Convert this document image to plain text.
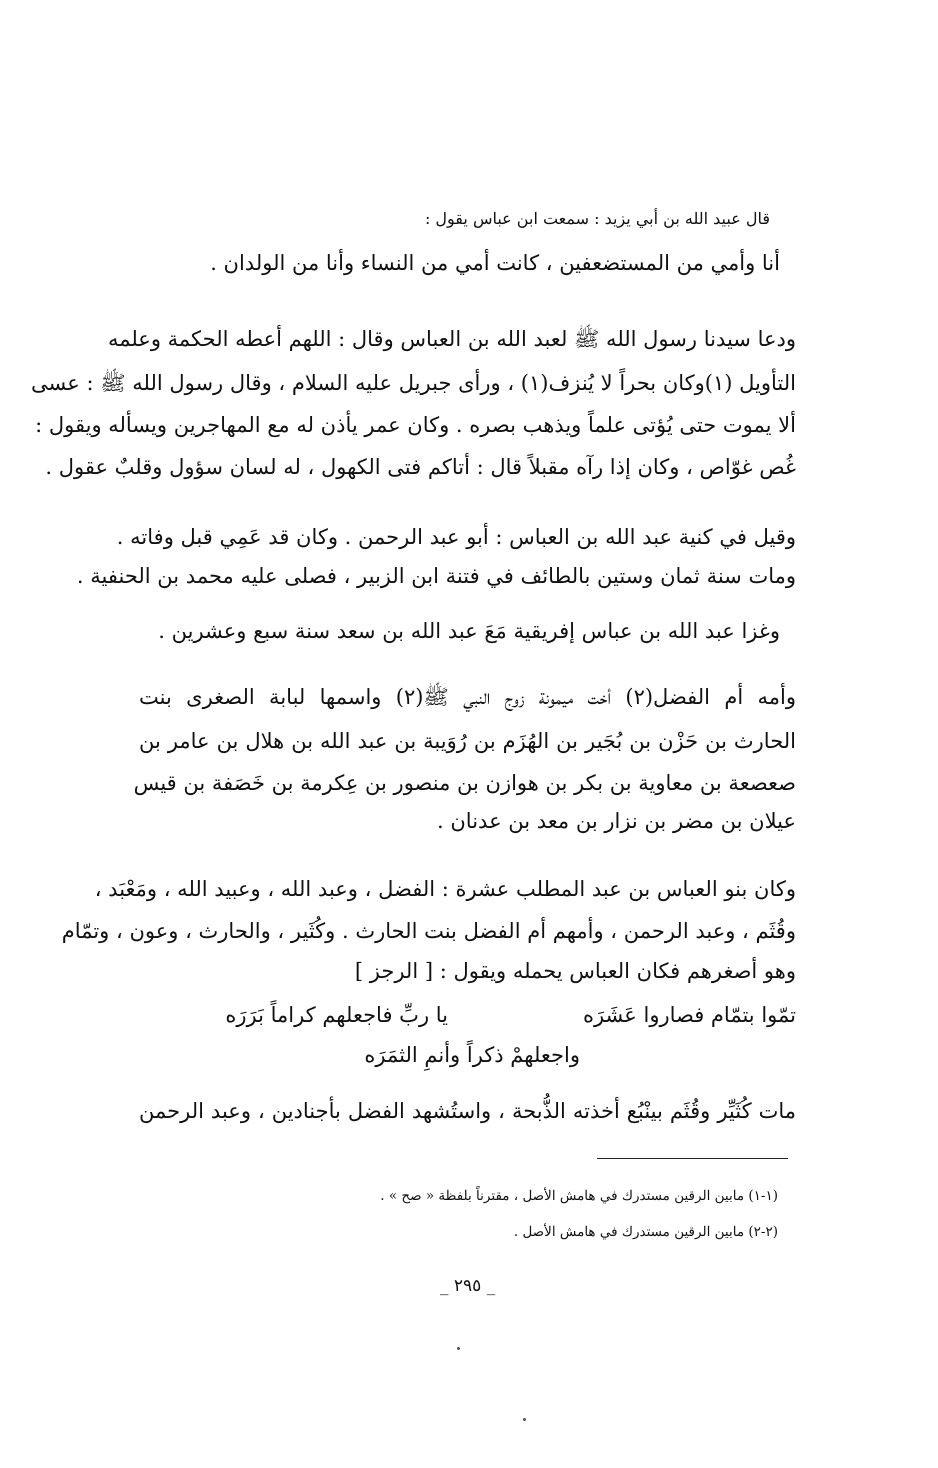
قال عبيد الله بن أبي يزيد : سمعت ابن عباس يقول :
أنا وأمي من المستضعفين ، كانت أمي من النساء وأنا من الولدان .
ودعا سيدنا رسول الله ﷺ لعبد الله بن العباس وقال : اللهم أعطه الحكمة وعلمه
التأويل (١)وكان بحراً لا يُنزف(١) ، ورأى جبريل عليه السلام ، وقال رسول الله ﷺ : عسى
ألا يموت حتى يُؤتى علماً ويذهب بصره . وكان عمر يأذن له مع المهاجرين ويسأله ويقول :
غُص غوّاص ، وكان إذا رآه مقبلاً قال : أتاكم فتى الكهول ، له لسان سؤول وقلبٌ عقول .
وقيل في كنية عبد الله بن العباس : أبو عبد الرحمن . وكان قد عَمِي قبل وفاته .
ومات سنة ثمان وستين بالطائف في فتنة ابن الزبير ، فصلى عليه محمد بن الحنفية .
وغزا عبد الله بن عباس إفريقية مَعَ عبد الله بن سعد سنة سبع وعشرين .
وأمه أم الفضل(٢) أخت ميمونة زوج النبي ﷺ(٢) واسمها لبابة الصغرى بنت
الحارث بن حَزْن بن بُجَير بن الهُزَم بن رُوَيبة بن عبد الله بن هلال بن عامر بن
صعصعة بن معاوية بن بكر بن هوازن بن منصور بن عِكرمة بن خَصَفة بن قيس
عيلان بن مضر بن نزار بن معد بن عدنان .
وكان بنو العباس بن عبد المطلب عشرة : الفضل ، وعبد الله ، وعبيد الله ، ومَعْبَد ،
وقُثَم ، وعبد الرحمن ، وأمهم أم الفضل بنت الحارث . وكُثَير ، والحارث ، وعون ، وتمّام
وهو أصغرهم فكان العباس يحمله ويقول : [ الرجز ]
تمّوا بتمّام فصاروا عَشَرَه
يا ربِّ فاجعلهم كراماً بَرَرَه
واجعلهمْ ذكراً وأنمِ الثمَرَه
مات كُثَيِّر وقُثَم بينْبُع أخذته الذُّبحة ، واستُشهد الفضل بأجنادين ، وعبد الرحمن
(١-١) مابين الرقين مستدرك في هامش الأصل ، مقترناً بلفظة « صح » .
(٢-٢) مابين الرقين مستدرك في هامش الأصل .
_ ٢٩٥ _
